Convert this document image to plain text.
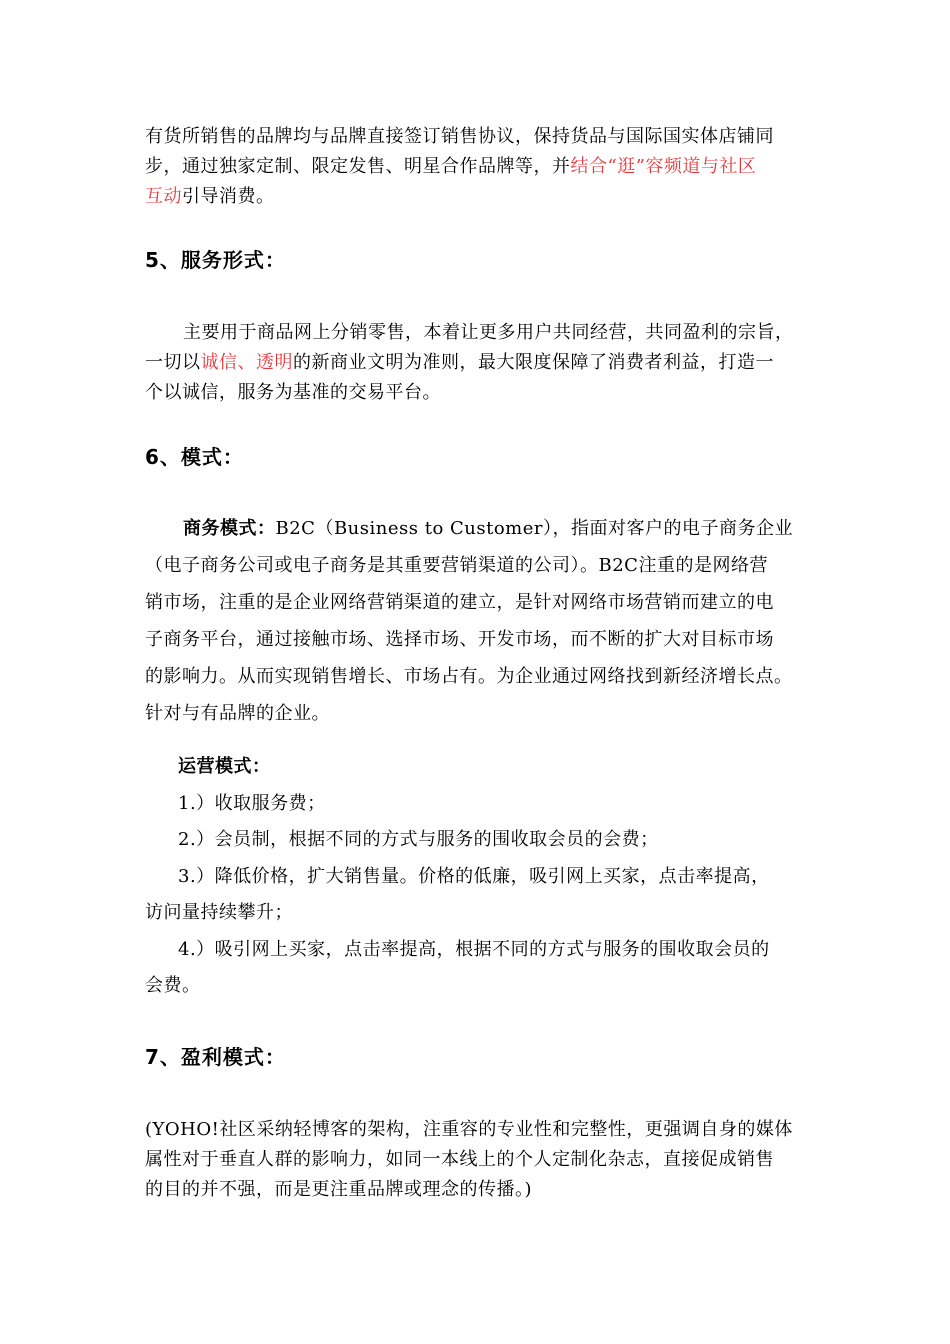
有货所销售的品牌均与品牌直接签订销售协议，保持货品与国际国实体店铺同
步，通过独家定制、限定发售、明星合作品牌等，并结合“逛”容频道与社区
互动引导消费。
5、服务形式：
主要用于商品网上分销零售，本着让更多用户共同经营，共同盈利的宗旨，
一切以诚信、透明的新商业文明为准则，最大限度保障了消费者利益，打造一
个以诚信，服务为基准的交易平台。
6、模式：
商务模式：B2C（Business to Customer），指面对客户的电子商务企业
（电子商务公司或电子商务是其重要营销渠道的公司）。B2C注重的是网络营
销市场，注重的是企业网络营销渠道的建立，是针对网络市场营销而建立的电
子商务平台，通过接触市场、选择市场、开发市场，而不断的扩大对目标市场
的影响力。从而实现销售增长、市场占有。为企业通过网络找到新经济增长点。
针对与有品牌的企业。
运营模式：
1.）收取服务费；
2.）会员制，根据不同的方式与服务的围收取会员的会费；
3.）降低价格，扩大销售量。价格的低廉，吸引网上买家，点击率提高，
访问量持续攀升；
4.）吸引网上买家，点击率提高，根据不同的方式与服务的围收取会员的
会费。
7、盈利模式：
(YOHO!社区采纳轻博客的架构，注重容的专业性和完整性，更强调自身的媒体
属性对于垂直人群的影响力，如同一本线上的个人定制化杂志，直接促成销售
的目的并不强，而是更注重品牌或理念的传播。)
